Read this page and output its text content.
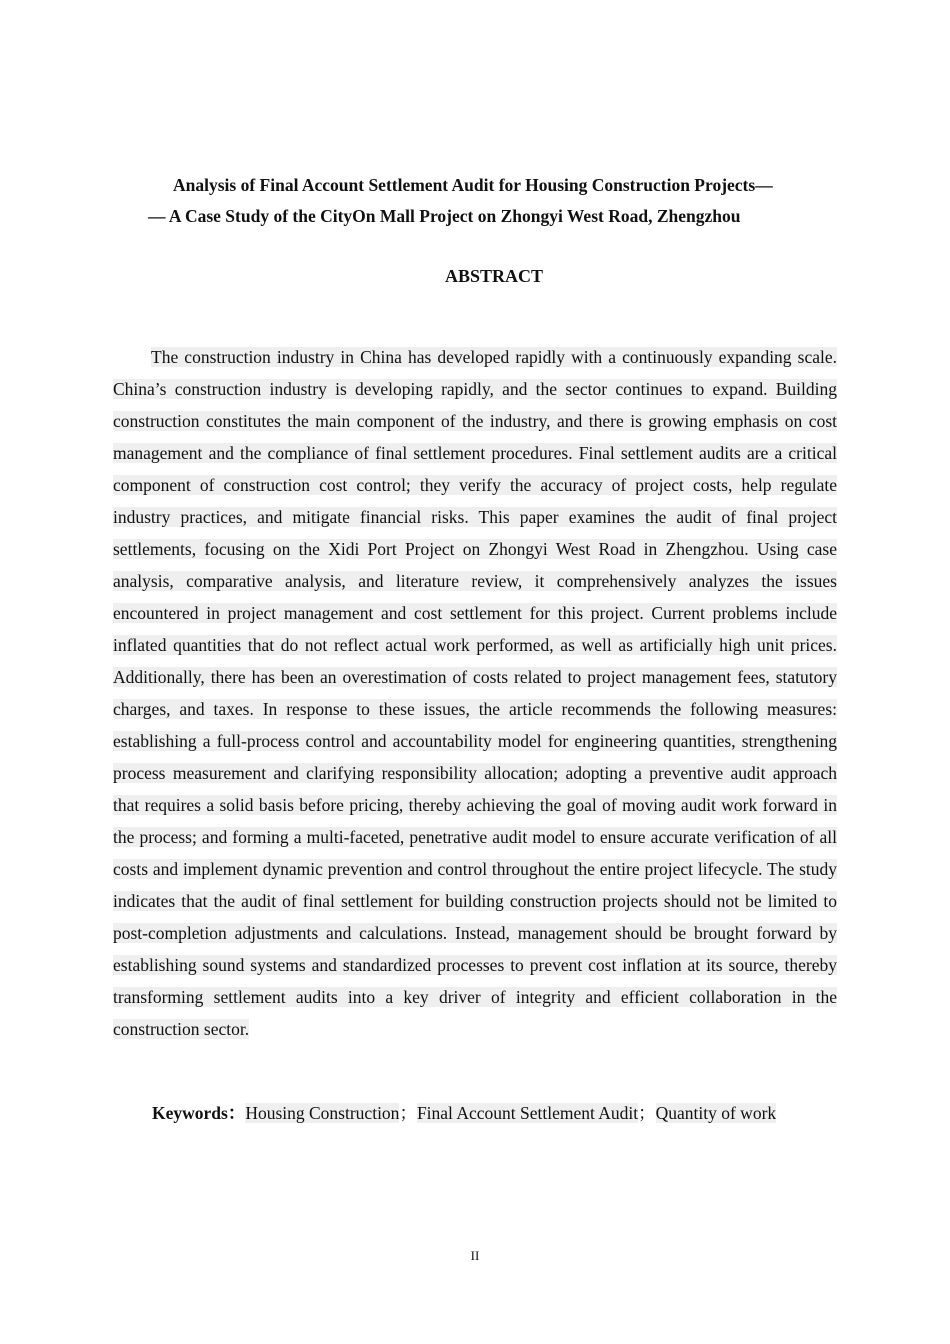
Analysis of Final Account Settlement Audit for Housing Construction Projects—
— A Case Study of the CityOn Mall Project on Zhongyi West Road, Zhengzhou
ABSTRACT
The construction industry in China has developed rapidly with a continuously expanding scale. China’s construction industry is developing rapidly, and the sector continues to expand. Building construction constitutes the main component of the industry, and there is growing emphasis on cost management and the compliance of final settlement procedures. Final settlement audits are a critical component of construction cost control; they verify the accuracy of project costs, help regulate industry practices, and mitigate financial risks. This paper examines the audit of final project settlements, focusing on the Xidi Port Project on Zhongyi West Road in Zhengzhou. Using case analysis, comparative analysis, and literature review, it comprehensively analyzes the issues encountered in project management and cost settlement for this project. Current problems include inflated quantities that do not reflect actual work performed, as well as artificially high unit prices. Additionally, there has been an overestimation of costs related to project management fees, statutory charges, and taxes. In response to these issues, the article recommends the following measures: establishing a full-process control and accountability model for engineering quantities, strengthening process measurement and clarifying responsibility allocation; adopting a preventive audit approach that requires a solid basis before pricing, thereby achieving the goal of moving audit work forward in the process; and forming a multi-faceted, penetrative audit model to ensure accurate verification of all costs and implement dynamic prevention and control throughout the entire project lifecycle. The study indicates that the audit of final settlement for building construction projects should not be limited to post-completion adjustments and calculations. Instead, management should be brought forward by establishing sound systems and standardized processes to prevent cost inflation at its source, thereby transforming settlement audits into a key driver of integrity and efficient collaboration in the construction sector.
Keywords：Housing Construction；Final Account Settlement Audit；Quantity of work
II
